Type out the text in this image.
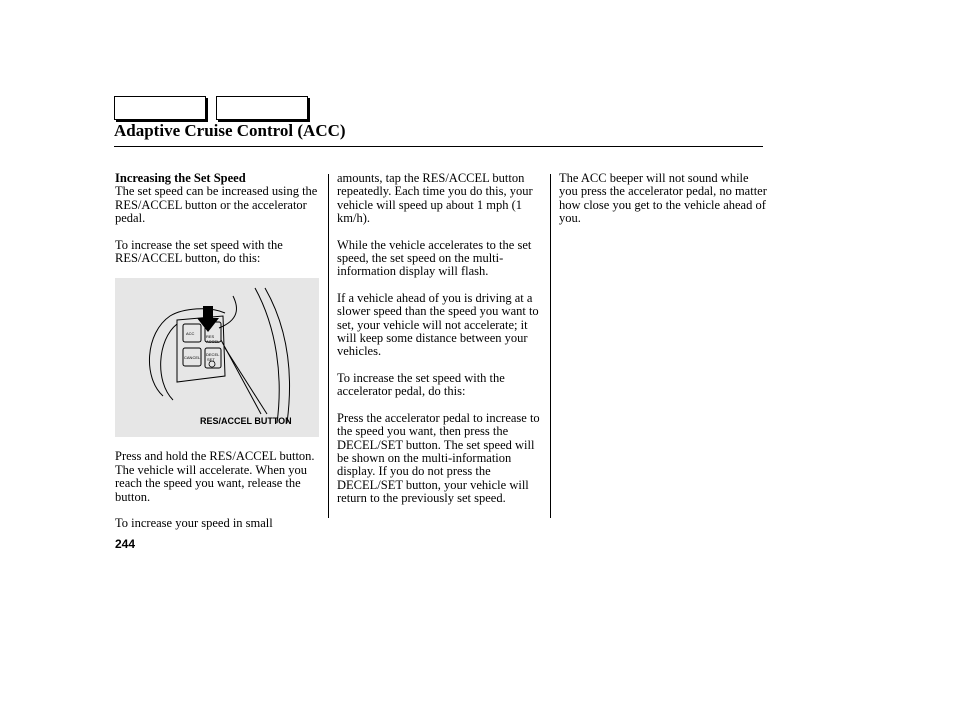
Adaptive Cruise Control (ACC)
Increasing the Set Speed

The set speed can be increased using the RES/ACCEL button or the accelerator pedal.

To increase the set speed with the RES/ACCEL button, do this:

ACC
CANCEL
RES
ACCEL
DECEL
SET
RES/ACCEL BUTTON

Press and hold the RES/ACCEL button. The vehicle will accelerate. When you reach the speed you want, release the button.

To increase your speed in small

amounts, tap the RES/ACCEL button repeatedly. Each time you do this, your vehicle will speed up about 1 mph (1 km/h).

While the vehicle accelerates to the set speed, the set speed on the multi-information display will flash.

If a vehicle ahead of you is driving at a slower speed than the speed you want to set, your vehicle will not accelerate; it will keep some distance between your vehicles.

To increase the set speed with the accelerator pedal, do this:

Press the accelerator pedal to increase to the speed you want, then press the DECEL/SET button. The set speed will be shown on the multi-information display. If you do not press the DECEL/SET button, your vehicle will return to the previously set speed.

The ACC beeper will not sound while you press the accelerator pedal, no matter how close you get to the vehicle ahead of you.

244
